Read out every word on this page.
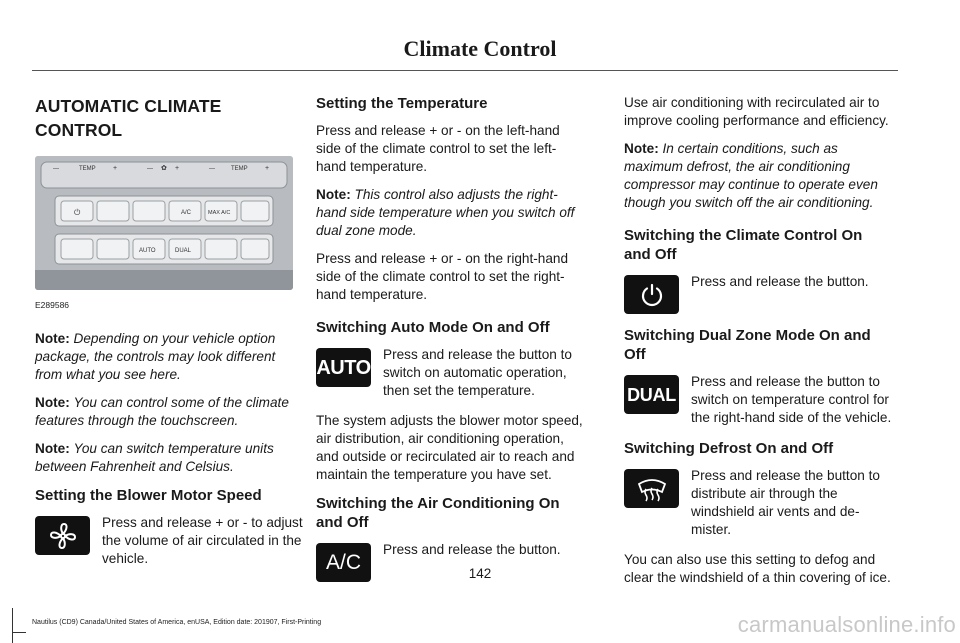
Climate Control
AUTOMATIC CLIMATE CONTROL
—	TEMP +	— ✿ +	—	TEMP +
⏻	A/C	MAX A/C
AUTO	DUAL
E289586

Note: Depending on your vehicle option package, the controls may look different from what you see here.

Note: You can control some of the climate features through the touchscreen.

Note: You can switch temperature units between Fahrenheit and Celsius.

Setting the Blower Motor Speed
Press and release + or - to adjust the volume of air circulated in the vehicle.
Setting the Temperature

Press and release + or - on the left-hand side of the climate control to set the left-hand temperature.

Note: This control also adjusts the right-hand side temperature when you switch off dual zone mode.

Press and release + or - on the right-hand side of the climate control to set the right-hand temperature.

Switching Auto Mode On and Off
AUTO
Press and release the button to switch on automatic operation, then set the temperature.

The system adjusts the blower motor speed, air distribution, air conditioning operation, and outside or recirculated air to reach and maintain the temperature you have set.

Switching the Air Conditioning On and Off
A/C
Press and release the button.

Use air conditioning with recirculated air to improve cooling performance and efficiency.

Note: In certain conditions, such as maximum defrost, the air conditioning compressor may continue to operate even though you switch off the air conditioning.

Switching the Climate Control On and Off
Press and release the button.
Switching Dual Zone Mode On and Off
DUAL
Press and release the button to switch on temperature control for the right-hand side of the vehicle.
Switching Defrost On and Off
Press and release the button to distribute air through the windshield air vents and de-mister.

You can also use this setting to defog and clear the windshield of a thin covering of ice.

142
Nautilus (CD9) Canada/United States of America, enUSA, Edition date: 201907, First-Printing	carmanualsonline.info
